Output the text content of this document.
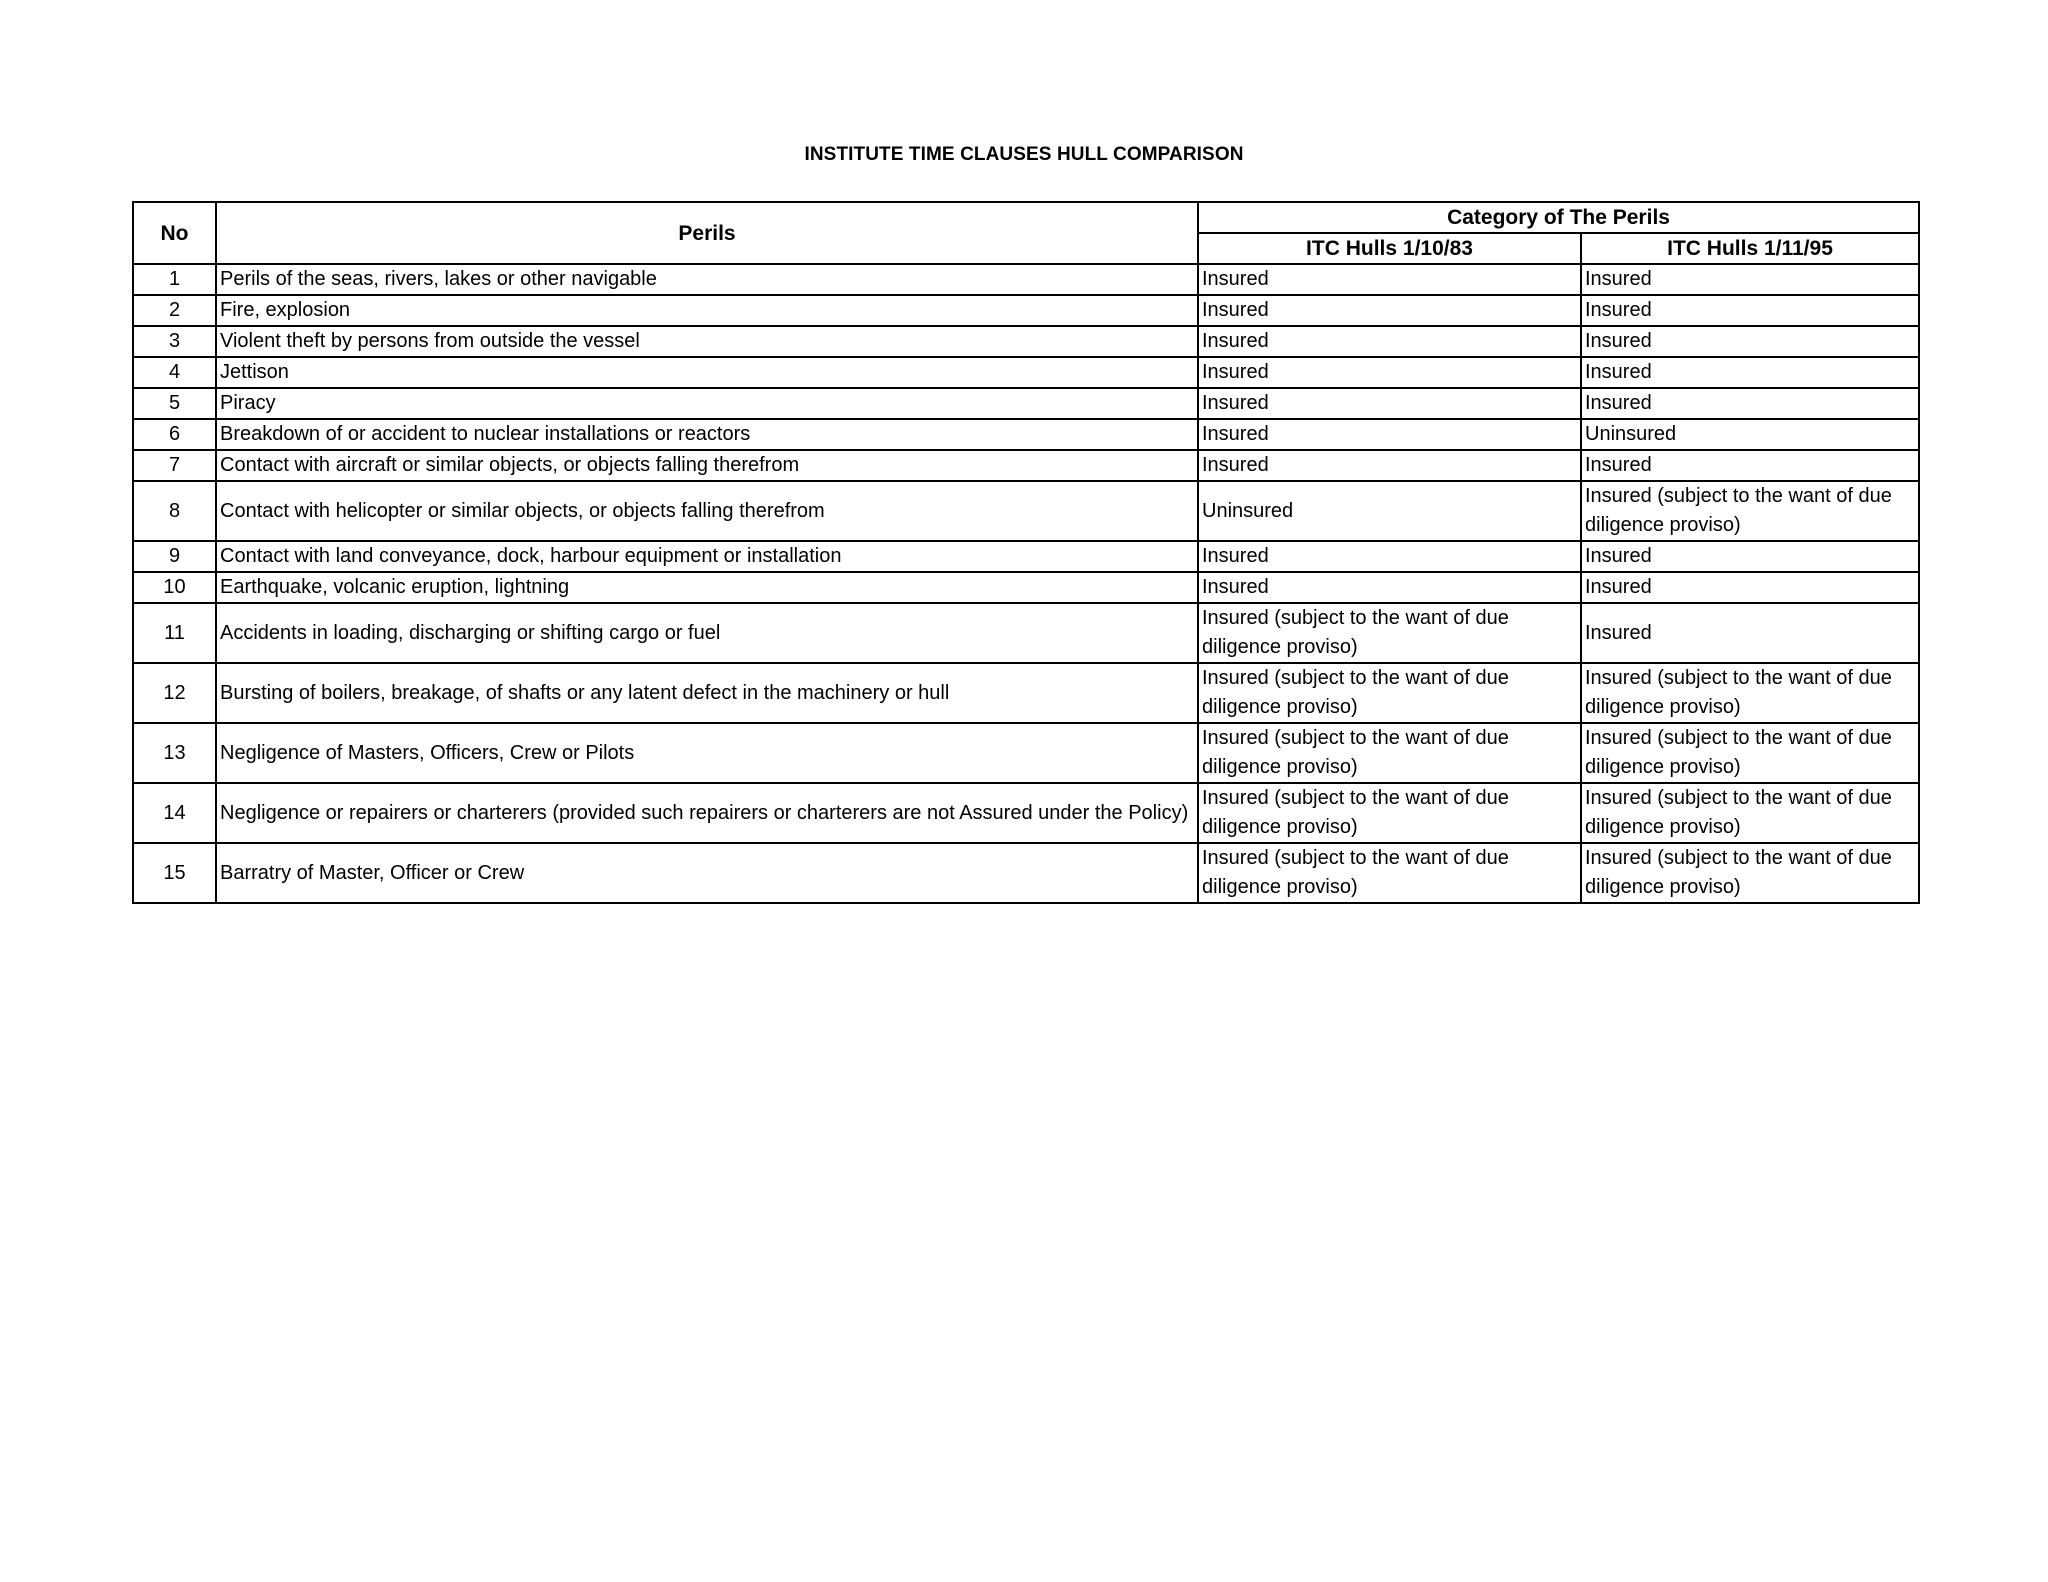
INSTITUTE TIME CLAUSES HULL COMPARISON
No	Perils	Category of The Perils	
		ITC Hulls 1/10/83	ITC Hulls 1/11/95
1	Perils of the seas, rivers, lakes or other navigable	Insured	Insured
2	Fire, explosion	Insured	Insured
3	Violent theft by persons from outside the vessel	Insured	Insured
4	Jettison	Insured	Insured
5	Piracy	Insured	Insured
6	Breakdown of or accident to nuclear installations or reactors	Insured	Uninsured
7	Contact with aircraft or similar objects, or objects falling therefrom	Insured	Insured
8	Contact with helicopter or similar objects, or objects falling therefrom	Uninsured	Insured (subject to the want of due diligence proviso)
9	Contact with land conveyance, dock, harbour equipment or installation	Insured	Insured
10	Earthquake, volcanic eruption, lightning	Insured	Insured
11	Accidents in loading, discharging or shifting cargo or fuel	Insured (subject to the want of due diligence proviso)	Insured
12	Bursting of boilers, breakage, of shafts or any latent defect in the machinery or hull	Insured (subject to the want of due diligence proviso)	Insured (subject to the want of due diligence proviso)
13	Negligence of Masters, Officers, Crew or Pilots	Insured (subject to the want of due diligence proviso)	Insured (subject to the want of due diligence proviso)
14	Negligence or repairers or charterers (provided such repairers or charterers are not Assured under the Policy)	Insured (subject to the want of due diligence proviso)	Insured (subject to the want of due diligence proviso)
15	Barratry of Master, Officer or Crew	Insured (subject to the want of due diligence proviso)	Insured (subject to the want of due diligence proviso)
